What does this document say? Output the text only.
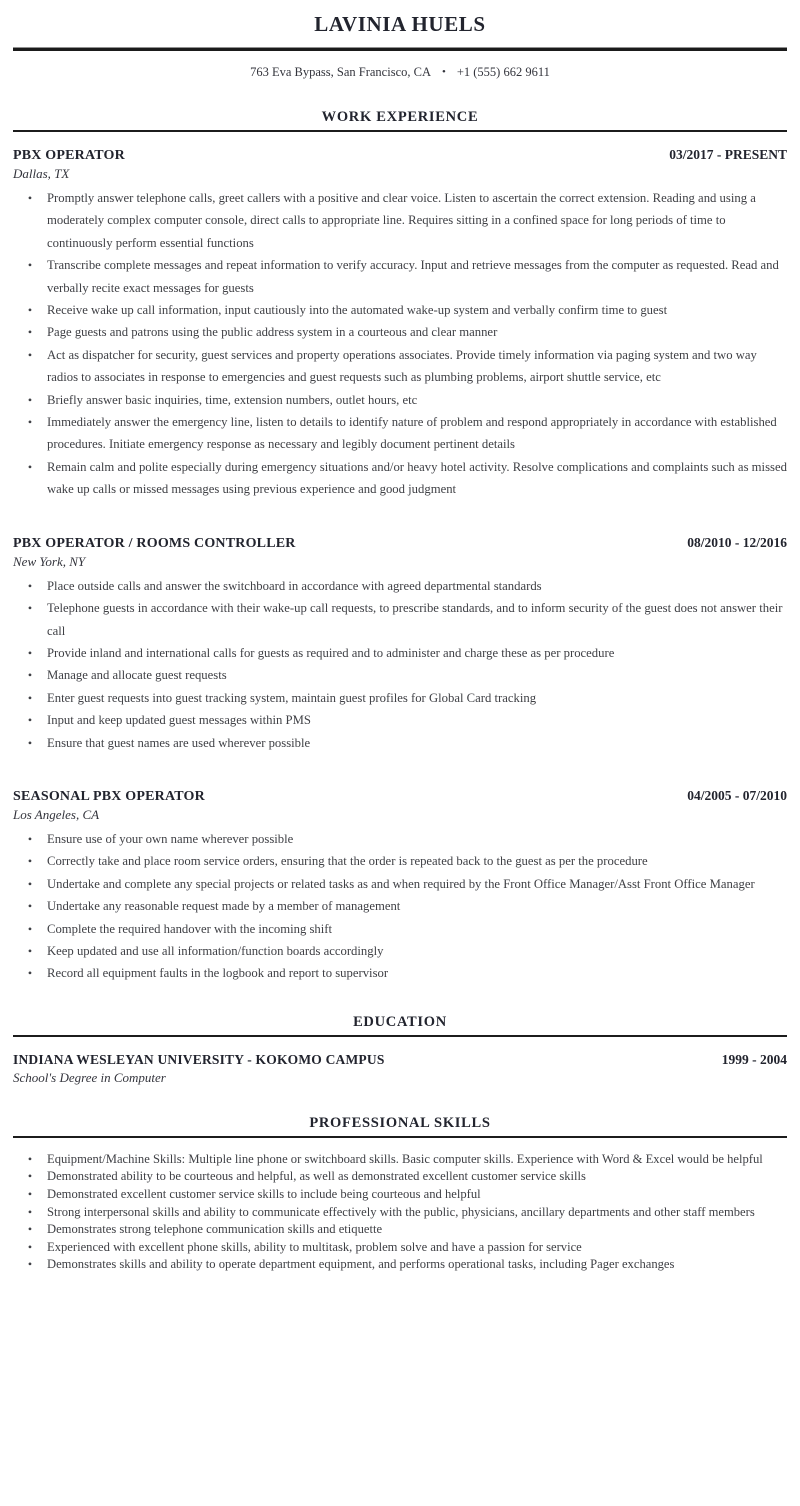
LAVINIA HUELS
763 Eva Bypass, San Francisco, CA • +1 (555) 662 9611
WORK EXPERIENCE
PBX OPERATOR	03/2017 - PRESENT
Dallas, TX
•
Promptly answer telephone calls, greet callers with a positive and clear voice. Listen to ascertain the correct extension. Reading and using a moderately complex computer console, direct calls to appropriate line. Requires sitting in a confined space for long periods of time to continuously perform essential functions
•
Transcribe complete messages and repeat information to verify accuracy. Input and retrieve messages from the computer as requested. Read and verbally recite exact messages for guests
•
Receive wake up call information, input cautiously into the automated wake-up system and verbally confirm time to guest
•
Page guests and patrons using the public address system in a courteous and clear manner
•
Act as dispatcher for security, guest services and property operations associates. Provide timely information via paging system and two way radios to associates in response to emergencies and guest requests such as plumbing problems, airport shuttle service, etc
•
Briefly answer basic inquiries, time, extension numbers, outlet hours, etc
•
Immediately answer the emergency line, listen to details to identify nature of problem and respond appropriately in accordance with established procedures. Initiate emergency response as necessary and legibly document pertinent details
•
Remain calm and polite especially during emergency situations and/or heavy hotel activity. Resolve complications and complaints such as missed wake up calls or missed messages using previous experience and good judgment
PBX OPERATOR / ROOMS CONTROLLER	08/2010 - 12/2016
New York, NY
•
Place outside calls and answer the switchboard in accordance with agreed departmental standards
•
Telephone guests in accordance with their wake-up call requests, to prescribe standards, and to inform security of the guest does not answer their call
•
Provide inland and international calls for guests as required and to administer and charge these as per procedure
•
Manage and allocate guest requests
•
Enter guest requests into guest tracking system, maintain guest profiles for Global Card tracking
•
Input and keep updated guest messages within PMS
•
Ensure that guest names are used wherever possible
SEASONAL PBX OPERATOR	04/2005 - 07/2010
Los Angeles, CA
•
Ensure use of your own name wherever possible
•
Correctly take and place room service orders, ensuring that the order is repeated back to the guest as per the procedure
•
Undertake and complete any special projects or related tasks as and when required by the Front Office Manager/Asst Front Office Manager
•
Undertake any reasonable request made by a member of management
•
Complete the required handover with the incoming shift
•
Keep updated and use all information/function boards accordingly
•
Record all equipment faults in the logbook and report to supervisor
EDUCATION
INDIANA WESLEYAN UNIVERSITY - KOKOMO CAMPUS	1999 - 2004
School's Degree in Computer
PROFESSIONAL SKILLS
•
Equipment/Machine Skills: Multiple line phone or switchboard skills. Basic computer skills. Experience with Word & Excel would be helpful
•
Demonstrated ability to be courteous and helpful, as well as demonstrated excellent customer service skills
•
Demonstrated excellent customer service skills to include being courteous and helpful
•
Strong interpersonal skills and ability to communicate effectively with the public, physicians, ancillary departments and other staff members
•
Demonstrates strong telephone communication skills and etiquette
•
Experienced with excellent phone skills, ability to multitask, problem solve and have a passion for service
•
Demonstrates skills and ability to operate department equipment, and performs operational tasks, including Pager exchanges
